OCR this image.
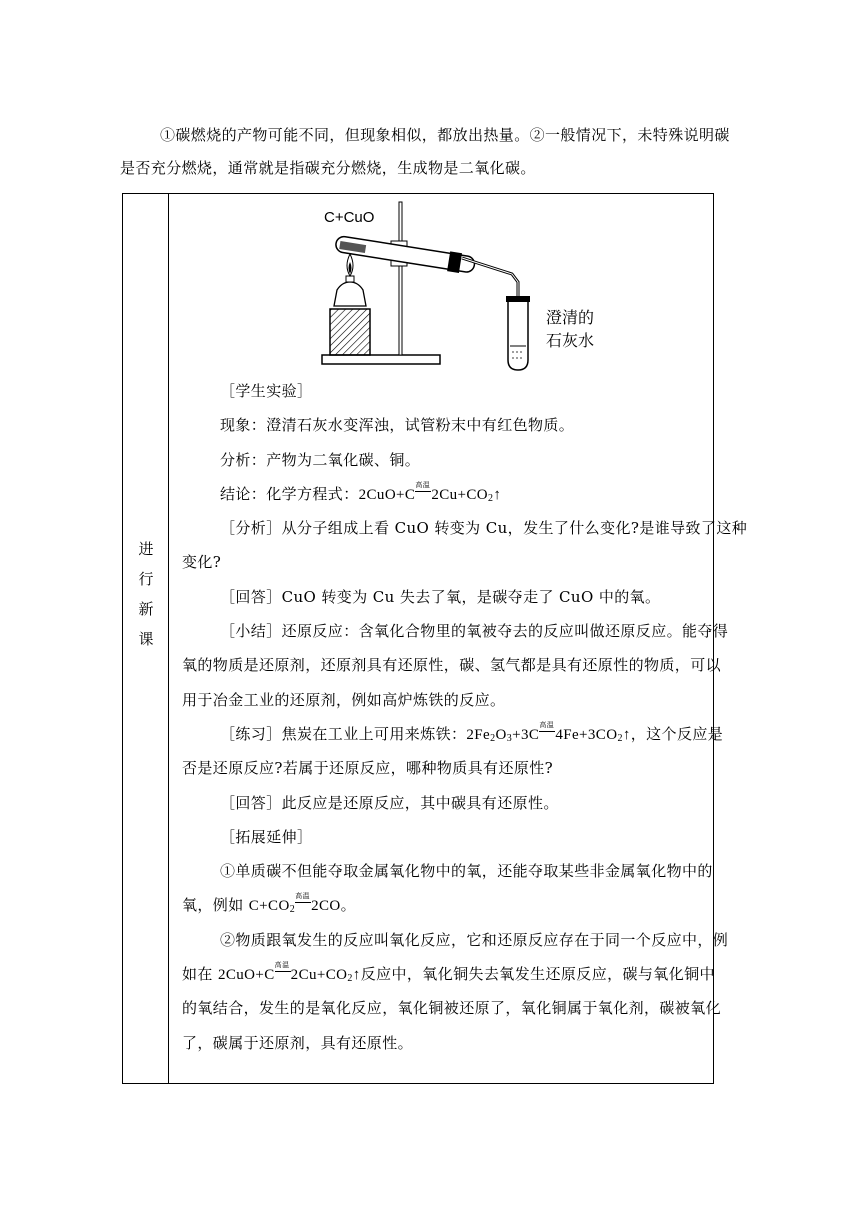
①碳燃烧的产物可能不同，但现象相似，都放出热量。②一般情况下，未特殊说明碳是否充分燃烧，通常就是指碳充分燃烧，生成物是二氧化碳。

进
行
新
课
C+CuO
澄清的
石灰水
［学生实验］
现象：澄清石灰水变浑浊，试管粉末中有红色物质。
分析：产物为二氧化碳、铜。
结论：化学方程式：2CuO+C
高温
$2Cu+CO_2↑$
［分析］从分子组成上看 CuO 转变为 Cu，发生了什么变化?是谁导致了这种
变化?
［回答］CuO 转变为 Cu 失去了氧，是碳夺走了 CuO 中的氧。
［小结］还原反应：含氧化合物里的氧被夺去的反应叫做还原反应。能夺得
氧的物质是还原剂，还原剂具有还原性，碳、氢气都是具有还原性的物质，可以
用于冶金工业的还原剂，例如高炉炼铁的反应。
［练习］焦炭在工业上可用来炼铁：$2Fe_2O_3+3C$
高温
$4Fe+3CO_2↑$，这个反应是
否是还原反应?若属于还原反应，哪种物质具有还原性?
［回答］此反应是还原反应，其中碳具有还原性。
［拓展延伸］
①单质碳不但能夺取金属氧化物中的氧，还能夺取某些非金属氧化物中的
氧，例如 $C+CO_2$
高温
2CO。
②物质跟氧发生的反应叫氧化反应，它和还原反应存在于同一个反应中，例
如在 2CuO+C
高温
$2Cu+CO_2↑$反应中，氧化铜失去氧发生还原反应，碳与氧化铜中
的氧结合，发生的是氧化反应，氧化铜被还原了，氧化铜属于氧化剂，碳被氧化
了，碳属于还原剂，具有还原性。
